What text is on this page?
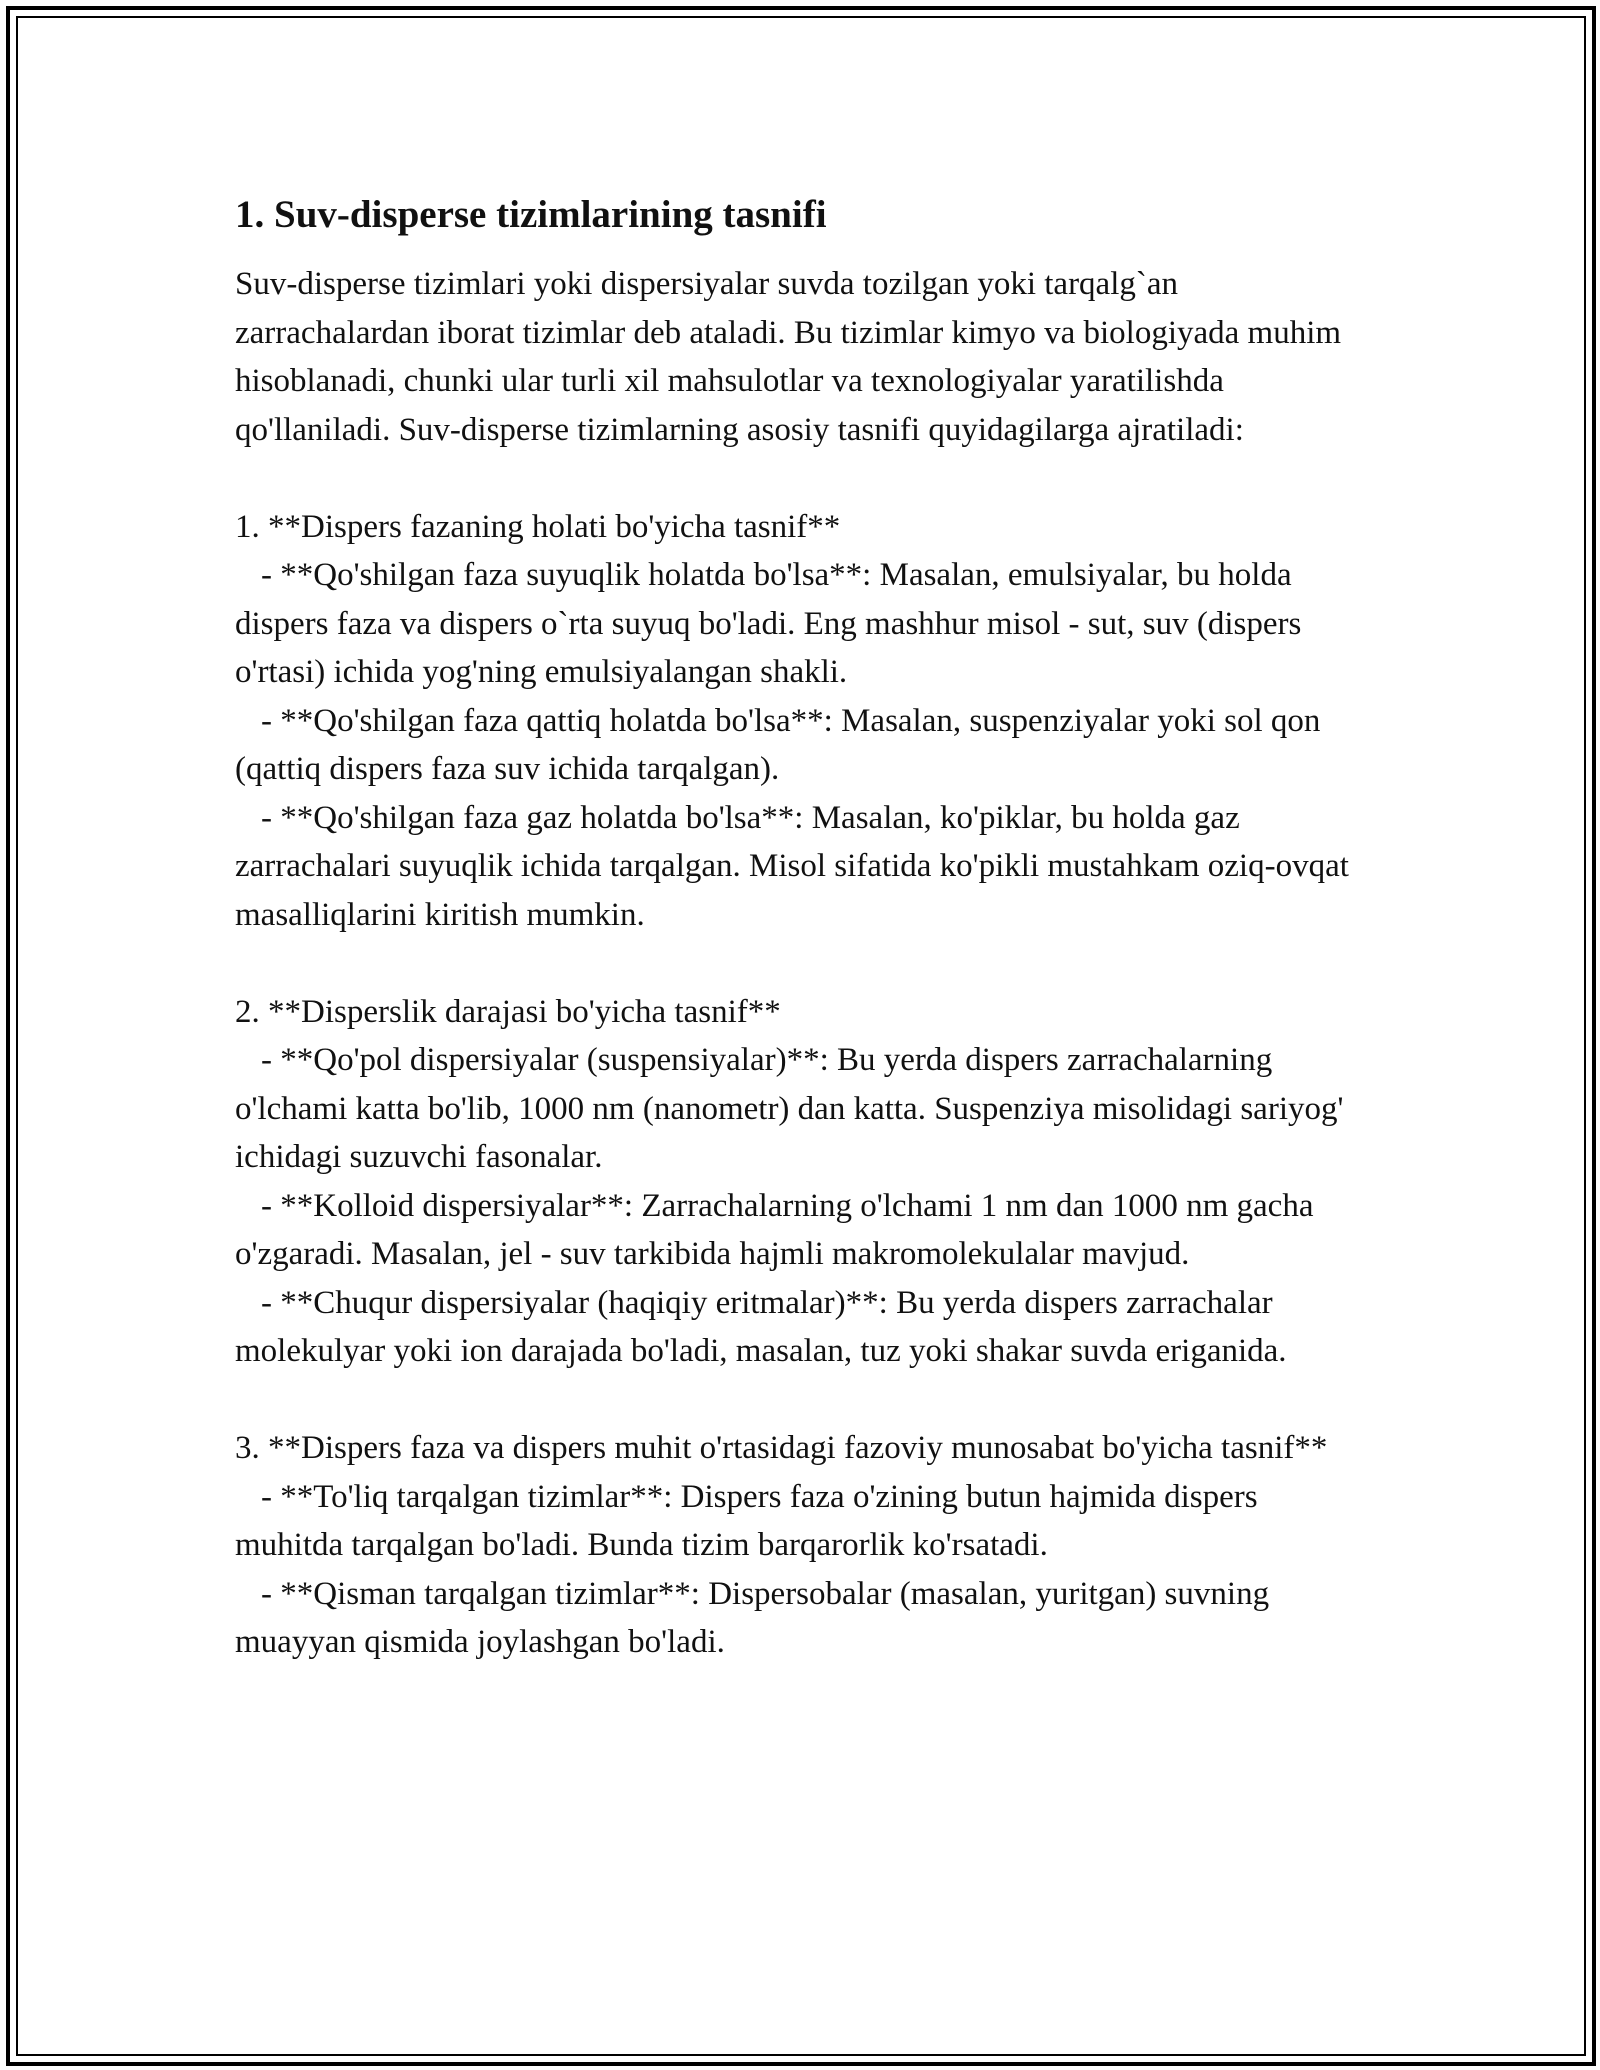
1. Suv-disperse tizimlarining tasnifi

Suv-disperse tizimlari yoki dispersiyalar suvda tozilgan yoki tarqalg`an zarrachalardan iborat tizimlar deb ataladi. Bu tizimlar kimyo va biologiyada muhim hisoblanadi, chunki ular turli xil mahsulotlar va texnologiyalar yaratilishda qo'llaniladi. Suv-disperse tizimlarning asosiy tasnifi quyidagilarga ajratiladi:

1. **Dispers fazaning holati bo'yicha tasnif**

- **Qo'shilgan faza suyuqlik holatda bo'lsa**: Masalan, emulsiyalar, bu holda dispers faza va dispers o`rta suyuq bo'ladi. Eng mashhur misol - sut, suv (dispers o'rtasi) ichida yog'ning emulsiyalangan shakli.

- **Qo'shilgan faza qattiq holatda bo'lsa**: Masalan, suspenziyalar yoki sol qon (qattiq dispers faza suv ichida tarqalgan).

- **Qo'shilgan faza gaz holatda bo'lsa**: Masalan, ko'piklar, bu holda gaz zarrachalari suyuqlik ichida tarqalgan. Misol sifatida ko'pikli mustahkam oziq-ovqat masalliqlarini kiritish mumkin.

2. **Disperslik darajasi bo'yicha tasnif**

- **Qo'pol dispersiyalar (suspensiyalar)**: Bu yerda dispers zarrachalarning o'lchami katta bo'lib, 1000 nm (nanometr) dan katta. Suspenziya misolidagi sariyog' ichidagi suzuvchi fasonalar.

- **Kolloid dispersiyalar**: Zarrachalarning o'lchami 1 nm dan 1000 nm gacha o'zgaradi. Masalan, jel - suv tarkibida hajmli makromolekulalar mavjud.

- **Chuqur dispersiyalar (haqiqiy eritmalar)**: Bu yerda dispers zarrachalar molekulyar yoki ion darajada bo'ladi, masalan, tuz yoki shakar suvda eriganida.

3. **Dispers faza va dispers muhit o'rtasidagi fazoviy munosabat bo'yicha tasnif**

- **To'liq tarqalgan tizimlar**: Dispers faza o'zining butun hajmida dispers muhitda tarqalgan bo'ladi. Bunda tizim barqarorlik ko'rsatadi.

- **Qisman tarqalgan tizimlar**: Dispersobalar (masalan, yuritgan) suvning muayyan qismida joylashgan bo'ladi.
